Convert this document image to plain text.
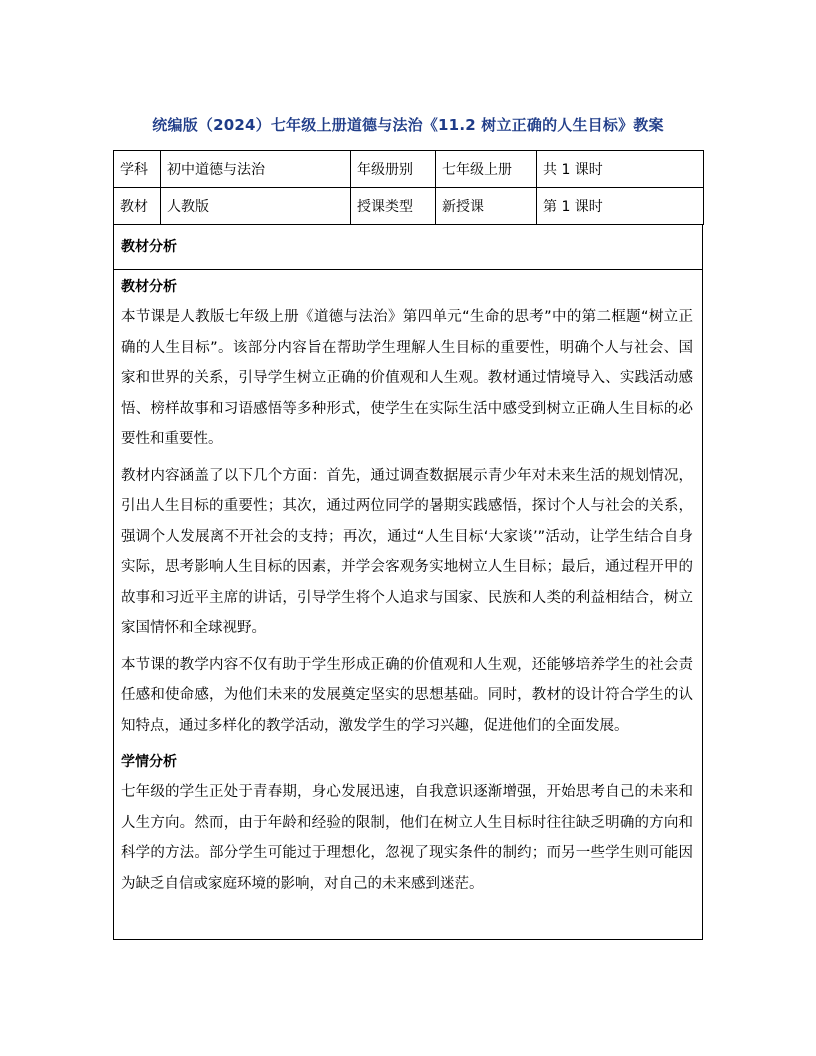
统编版（2024）七年级上册道德与法治《11.2 树立正确的人生目标》教案
学科	初中道德与法治	年级册别	七年级上册	共 1 课时
教材	人教版	授课类型	新授课	第 1 课时
教材分析
教材分析

本节课是人教版七年级上册《道德与法治》第四单元“生命的思考”中的第二框题“树立正确的人生目标”。该部分内容旨在帮助学生理解人生目标的重要性，明确个人与社会、国家和世界的关系，引导学生树立正确的价值观和人生观。教材通过情境导入、实践活动感悟、榜样故事和习语感悟等多种形式，使学生在实际生活中感受到树立正确人生目标的必要性和重要性。

教材内容涵盖了以下几个方面：首先，通过调查数据展示青少年对未来生活的规划情况，引出人生目标的重要性；其次，通过两位同学的暑期实践感悟，探讨个人与社会的关系，强调个人发展离不开社会的支持；再次，通过“人生目标‘大家谈’”活动，让学生结合自身实际，思考影响人生目标的因素，并学会客观务实地树立人生目标；最后，通过程开甲的故事和习近平主席的讲话，引导学生将个人追求与国家、民族和人类的利益相结合，树立家国情怀和全球视野。

本节课的教学内容不仅有助于学生形成正确的价值观和人生观，还能够培养学生的社会责任感和使命感，为他们未来的发展奠定坚实的思想基础。同时，教材的设计符合学生的认知特点，通过多样化的教学活动，激发学生的学习兴趣，促进他们的全面发展。

学情分析

七年级的学生正处于青春期，身心发展迅速，自我意识逐渐增强，开始思考自己的未来和人生方向。然而，由于年龄和经验的限制，他们在树立人生目标时往往缺乏明确的方向和科学的方法。部分学生可能过于理想化，忽视了现实条件的制约；而另一些学生则可能因为缺乏自信或家庭环境的影响，对自己的未来感到迷茫。
